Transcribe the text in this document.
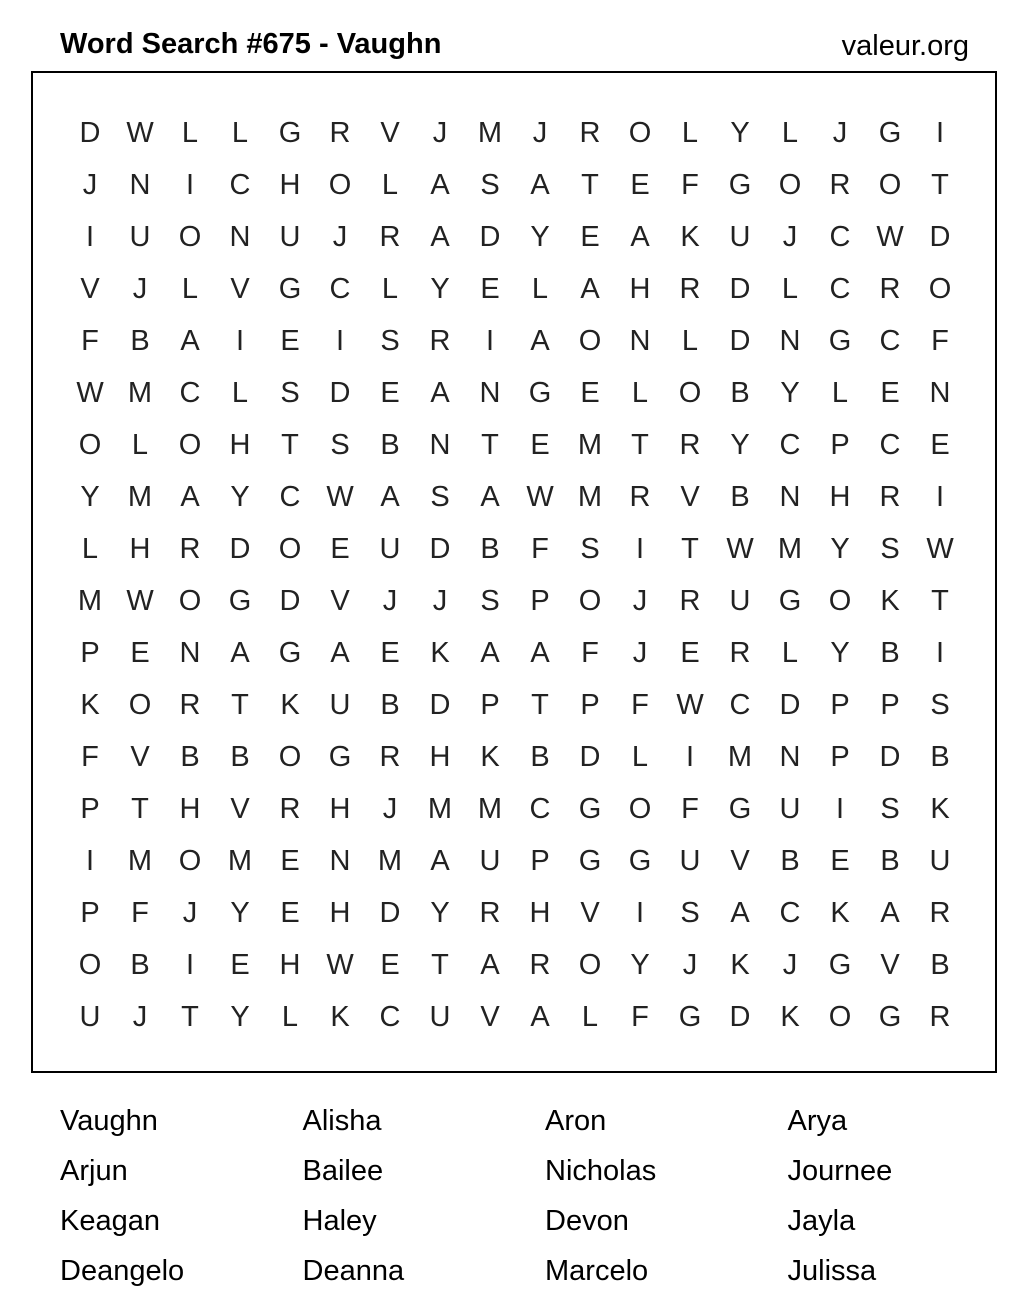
Word Search #675 - Vaughn	valeur.org
D W L	L	G R	V	J	M	J	R O	L	Y	L	J	G	I
J	N	I	C	H O	L	A	S	A	T	E	F	G O R O	T
I	U O N	U	J	R	A	D	Y	E	A	K	U	J	C W D
V	J	L	V	G C	L	Y	E	L	A	H	R	D	L	C	R O
F	B	A	I	E	I	S	R	I	A	O N	L	D	N G C	F
W M C	L	S	D	E	A	N G	E	L	O	B	Y	L	E	N
O	L	O H	T	S	B	N	T	E M	T	R	Y	C	P	C	E
Y M A	Y	C W A	S	A W M R	V	B	N	H	R	I
L	H	R	D O	E	U	D	B	F	S	I	T W M Y	S W
M W O G D	V	J	J	S	P	O	J	R	U G O	K	T
P	E	N	A	G	A	E	K	A	A	F	J	E	R	L	Y	B	I
K	O R	T	K	U	B	D	P	T	P	F W C	D	P	P	S
F	V	B	B	O G R	H	K	B	D	L	I	M N	P	D	B
P	T	H	V	R	H	J	M M C G O	F	G U	I	S	K
I	M O M E	N M A	U	P	G G U	V	B	E	B	U
P	F	J	Y	E	H	D	Y	R	H	V	I	S	A	C	K	A	R
O	B	I	E	H W E	T	A	R O	Y	J	K	J	G	V	B
U	J	T	Y	L	K	C	U	V	A	L	F	G D	K	O G R
Vaughn	Alisha	Aron	Arya
Arjun	Bailee	Nicholas	Journee
Keagan	Haley	Devon	Jayla
Deangelo	Deanna	Marcelo	Julissa
